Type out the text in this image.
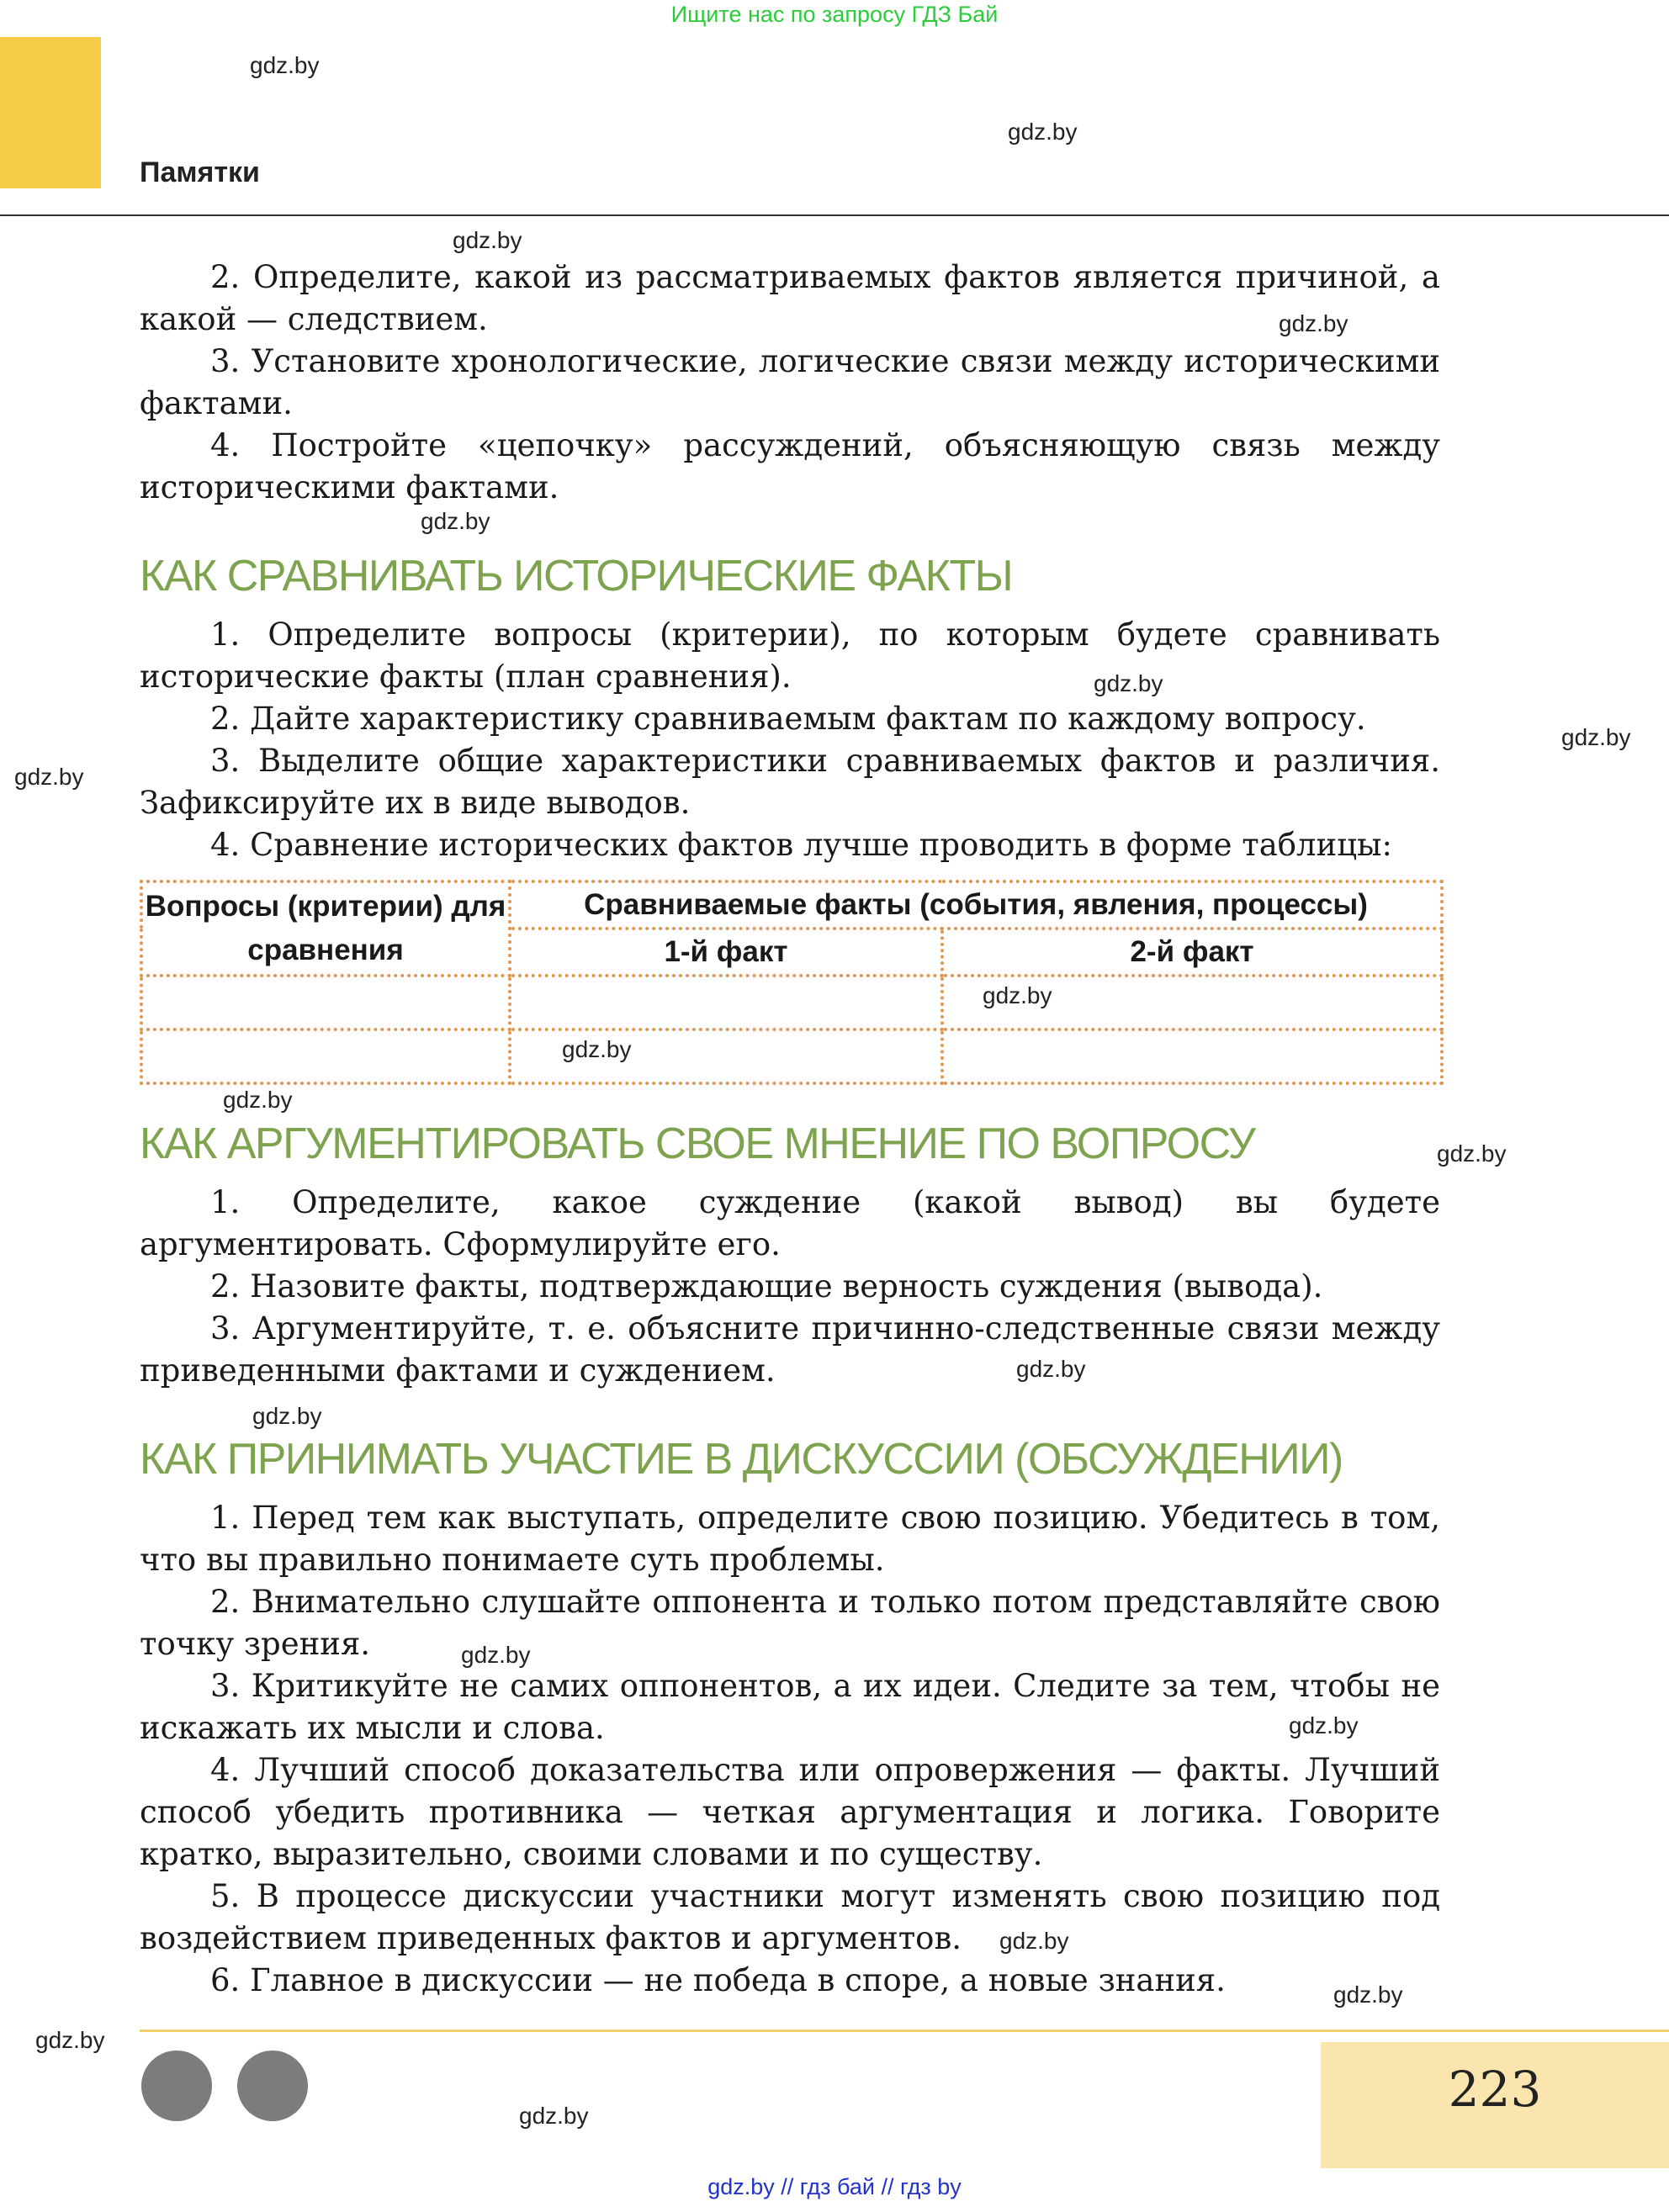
Ищите нас по запросу ГДЗ Бай
Памятки
2. Определите, какой из рассматриваемых фактов является причиной, а какой — следствием.
3. Установите хронологические, логические связи между историческими фактами.
4. Постройте «цепочку» рассуждений, объясняющую связь между историческими фактами.
КАК СРАВНИВАТЬ ИСТОРИЧЕСКИЕ ФАКТЫ
1. Определите вопросы (критерии), по которым будете сравнивать исторические факты (план сравнения).
2. Дайте характеристику сравниваемым фактам по каждому вопросу.
3. Выделите общие характеристики сравниваемых фактов и различия. Зафиксируйте их в виде выводов.
4. Сравнение исторических фактов лучше проводить в форме таблицы:
Вопросы (критерии) для сравнения	Сравниваемые факты (события, явления, процессы)	
	1-й факт	2-й факт

КАК АРГУМЕНТИРОВАТЬ СВОЕ МНЕНИЕ ПО ВОПРОСУ
1. Определите, какое суждение (какой вывод) вы будете аргументировать. Сформулируйте его.
2. Назовите факты, подтверждающие верность суждения (вывода).
3. Аргументируйте, т. е. объясните причинно-следственные связи между приведенными фактами и суждением.
КАК ПРИНИМАТЬ УЧАСТИЕ В ДИСКУССИИ (ОБСУЖДЕНИИ)
1. Перед тем как выступать, определите свою позицию. Убедитесь в том, что вы правильно понимаете суть проблемы.
2. Внимательно слушайте оппонента и только потом представляйте свою точку зрения.
3. Критикуйте не самих оппонентов, а их идеи. Следите за тем, чтобы не искажать их мысли и слова.
4. Лучший способ доказательства или опровержения — факты. Лучший способ убедить противника — четкая аргументация и логика. Говорите кратко, выразительно, своими словами и по существу.
5. В процессе дискуссии участники могут изменять свою позицию под воздействием приведенных фактов и аргументов.
6. Главное в дискуссии — не победа в споре, а новые знания.
gdz.by
gdz.by
gdz.by
gdz.by
gdz.by
gdz.by
gdz.by
gdz.by
gdz.by
gdz.by
gdz.by
gdz.by
gdz.by
gdz.by
gdz.by
gdz.by
gdz.by
gdz.by
gdz.by
gdz.by	223
gdz.by // гдз бай // гдз by
